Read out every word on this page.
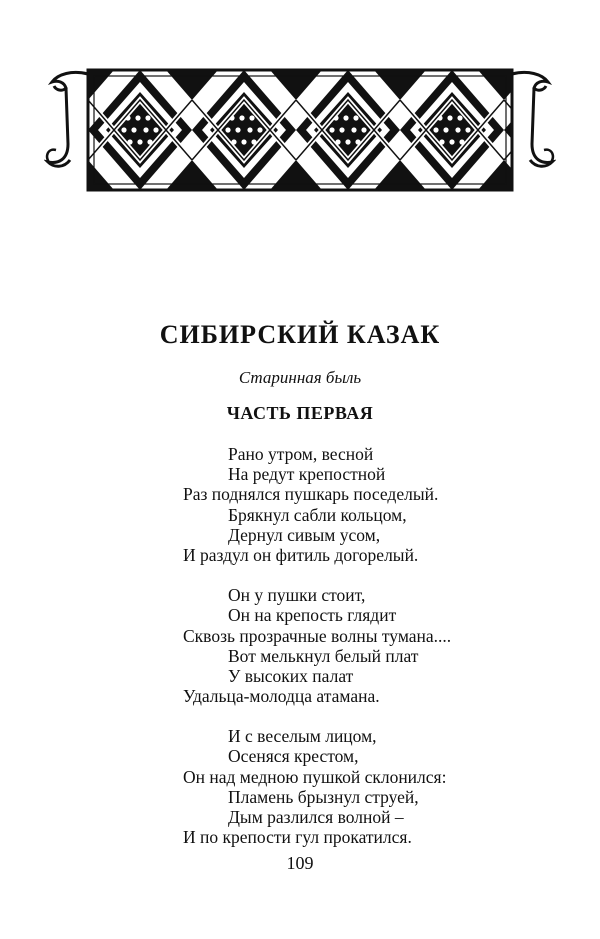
СИБИРСКИЙ КАЗАК
Старинная быль
ЧАСТЬ ПЕРВАЯ
Рано утром, весной
На редут крепостной
Раз поднялся пушкарь поседелый.
Брякнул сабли кольцом,
Дернул сивым усом,
И раздул он фитиль догорелый.
Он у пушки стоит,
Он на крепость глядит
Сквозь прозрачные волны тумана....
Вот мелькнул белый плат
У высоких палат
Удальца-молодца атамана.
И с веселым лицом,
Осеняся крестом,
Он над медною пушкой склонился:
Пламень брызнул струей,
Дым разлился волной –
И по крепости гул прокатился.
109
